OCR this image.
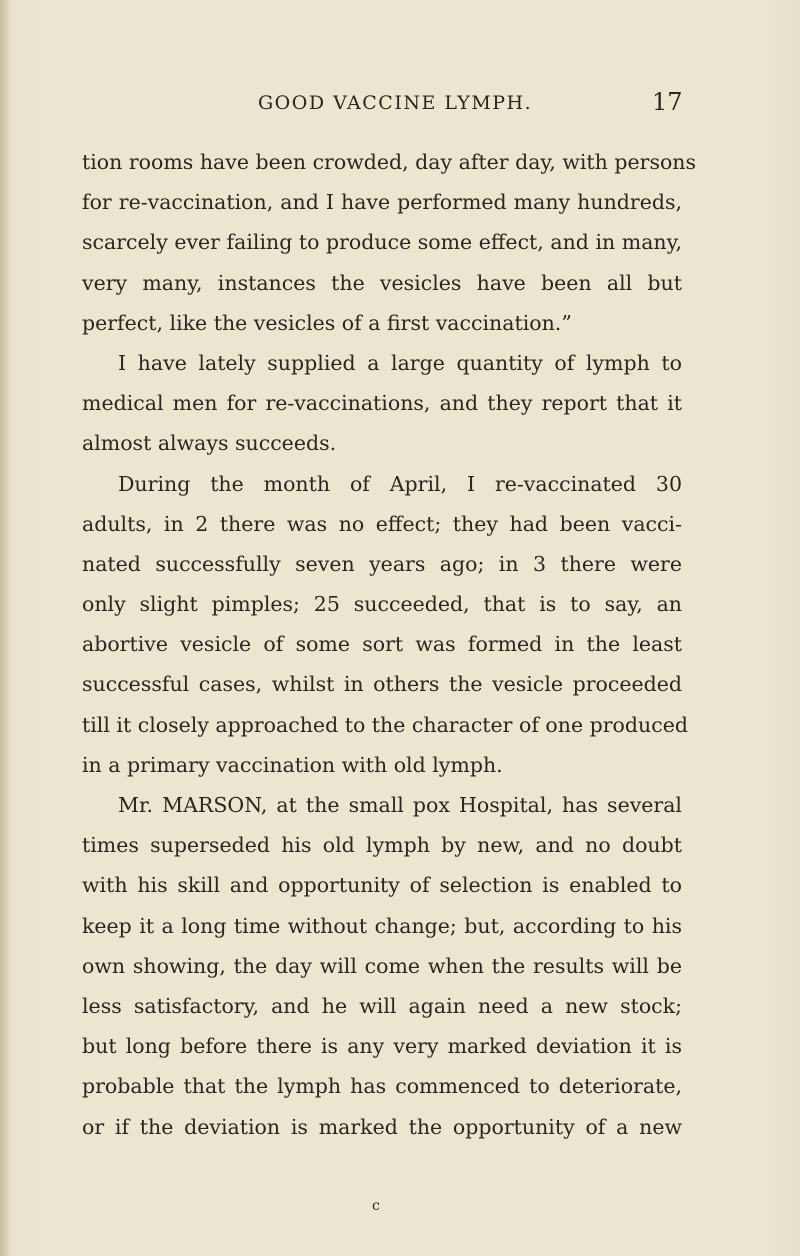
GOOD VACCINE LYMPH.	17
tion rooms have been crowded, day after day, with persons
for re-vaccination, and I have performed many hundreds,
scarcely ever failing to produce some effect, and in many,
very many, instances the vesicles have been all but
perfect, like the vesicles of a first vaccination.”
I have lately supplied a large quantity of lymph to
medical men for re-vaccinations, and they report that it
almost always succeeds.
During the month of April, I re-vaccinated 30
adults, in 2 there was no effect; they had been vacci-
nated successfully seven years ago; in 3 there were
only slight pimples; 25 succeeded, that is to say, an
abortive vesicle of some sort was formed in the least
successful cases, whilst in others the vesicle proceeded
till it closely approached to the character of one produced
in a primary vaccination with old lymph.
Mr. MARSON, at the small pox Hospital, has several
times superseded his old lymph by new, and no doubt
with his skill and opportunity of selection is enabled to
keep it a long time without change; but, according to his
own showing, the day will come when the results will be
less satisfactory, and he will again need a new stock;
but long before there is any very marked deviation it is
probable that the lymph has commenced to deteriorate,
or if the deviation is marked the opportunity of a new
c
